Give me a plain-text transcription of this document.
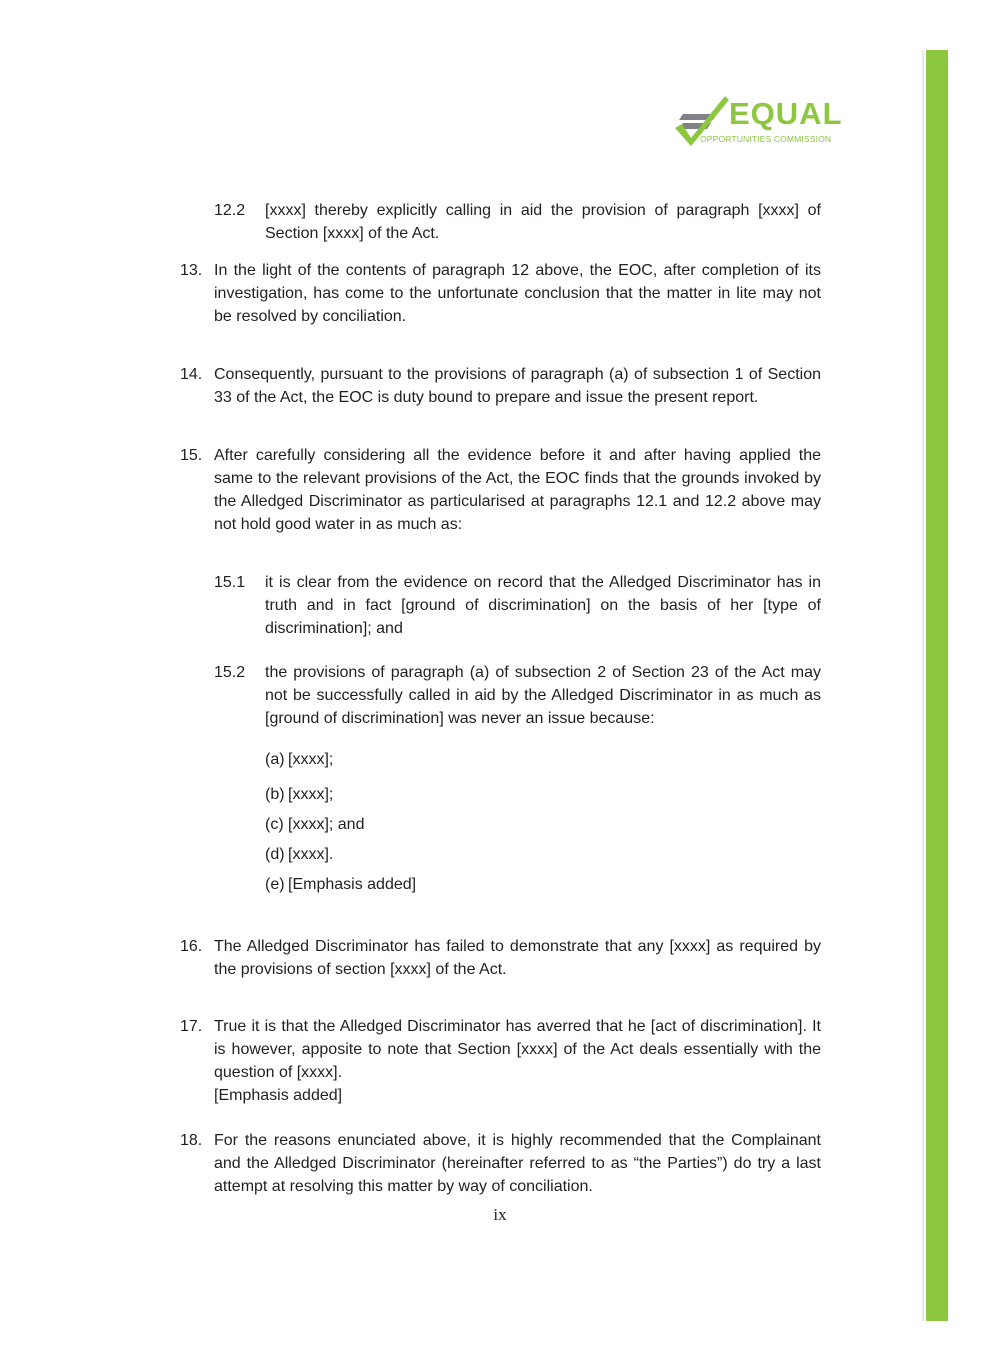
EQUAL
OPPORTUNITIES COMMISSION
12.2 [xxxx] thereby explicitly calling in aid the provision of paragraph [xxxx] of Section [xxxx] of the Act.
13. In the light of the contents of paragraph 12 above, the EOC, after completion of its investigation, has come to the unfortunate conclusion that the matter in lite may not be resolved by conciliation.
14. Consequently, pursuant to the provisions of paragraph (a) of subsection 1 of Section 33 of the Act, the EOC is duty bound to prepare and issue the present report.
15. After carefully considering all the evidence before it and after having applied the same to the relevant provisions of the Act, the EOC finds that the grounds invoked by the Alledged Discriminator as particularised at paragraphs 12.1 and 12.2 above may not hold good water in as much as:
15.1 it is clear from the evidence on record that the Alledged Discriminator has in truth and in fact [ground of discrimination] on the basis of her [type of discrimination]; and
15.2 the provisions of paragraph (a) of subsection 2 of Section 23 of the Act may not be successfully called in aid by the Alledged Discriminator in as much as [ground of discrimination] was never an issue because:
(a) [xxxx];
(b) [xxxx];
(c) [xxxx]; and
(d) [xxxx].
(e) [Emphasis added]
16. The Alledged Discriminator has failed to demonstrate that any [xxxx] as required by the provisions of section [xxxx] of the Act.
17. True it is that the Alledged Discriminator has averred that he [act of discrimination]. It is however, apposite to note that Section [xxxx] of the Act deals essentially with the question of [xxxx].
[Emphasis added]
18. For the reasons enunciated above, it is highly recommended that the Complainant and the Alledged Discriminator (hereinafter referred to as “the Parties”) do try a last attempt at resolving this matter by way of conciliation.
ix
